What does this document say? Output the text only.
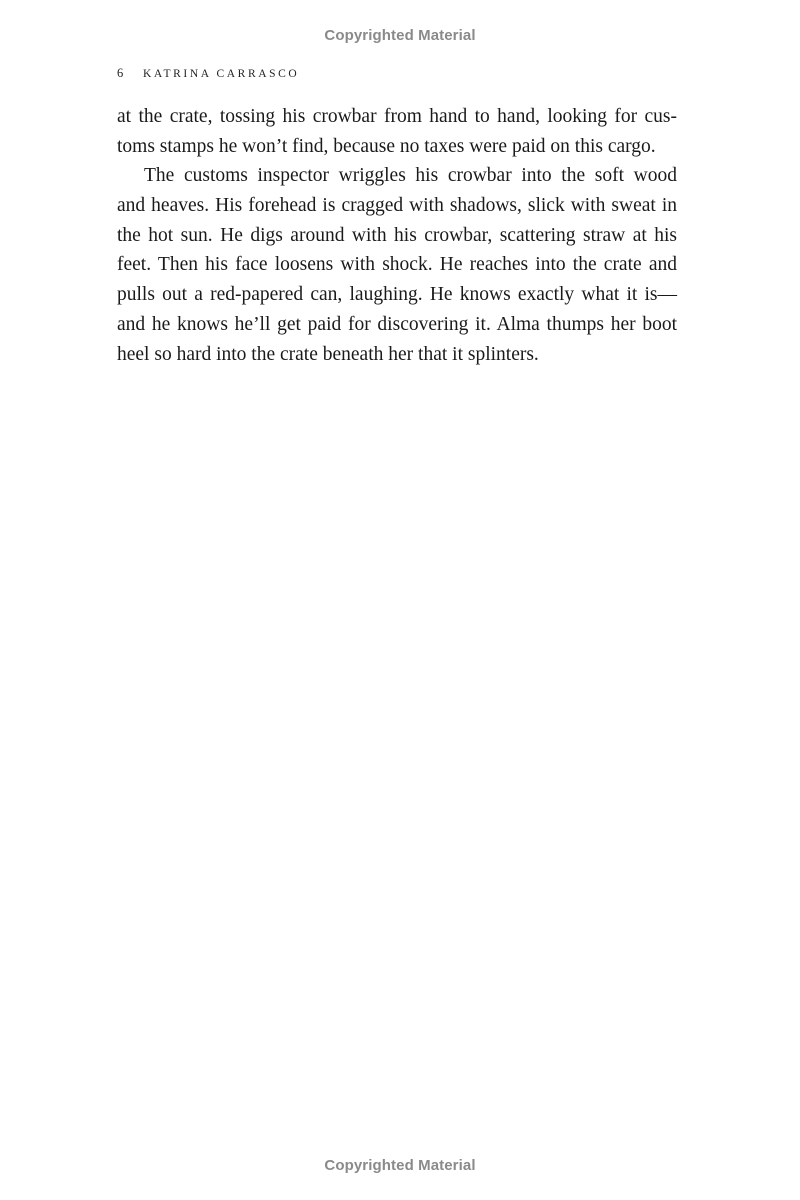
Copyrighted Material
6 KATRINA CARRASCO

at the crate, tossing his crowbar from hand to hand, looking for cus-
toms stamps he won’t find, because no taxes were paid on this cargo.

The customs inspector wriggles his crowbar into the soft wood
and heaves. His forehead is cragged with shadows, slick with sweat in
the hot sun. He digs around with his crowbar, scattering straw at his
feet. Then his face loosens with shock. He reaches into the crate and
pulls out a red-papered can, laughing. He knows exactly what it is—
and he knows he’ll get paid for discovering it. Alma thumps her boot
heel so hard into the crate beneath her that it splinters.

Copyrighted Material
